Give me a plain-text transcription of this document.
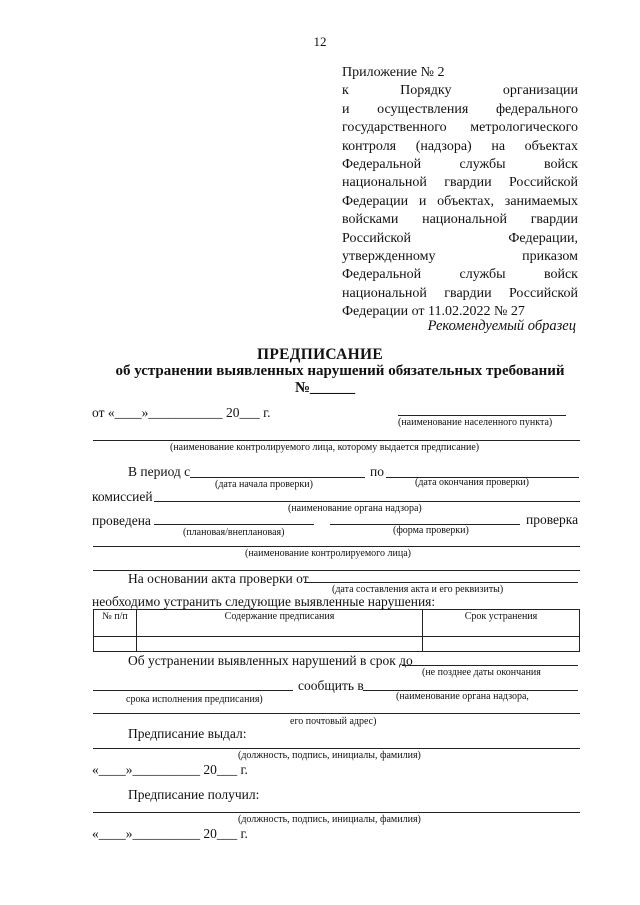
12
Приложение № 2
к Порядку организации
и осуществления федерального
государственного метрологического
контроля (надзора) на объектах
Федеральной службы войск
национальной гвардии Российской
Федерации и объектах, занимаемых
войсками национальной гвардии
Российской Федерации,
утвержденному приказом
Федеральной службы войск
национальной гвардии Российской
Федерации от 11.02.2022 № 27
Рекомендуемый образец
ПРЕДПИСАНИЕ
об устранении выявленных нарушений обязательных требований
№______
от «____»___________ 20___ г.
(наименование населенного пункта)
(наименование контролируемого лица, которому выдается предписание)
В период с	по
(дата начала проверки)	(дата окончания проверки)
комиссией
(наименование органа надзора)
проведена	проверка
(плановая/внеплановая)	(форма проверки)
(наименование контролируемого лица)
На основании акта проверки от
(дата составления акта и его реквизиты)
необходимо устранить следующие выявленные нарушения:
№ п/п	Содержание предписания	Срок устранения

Об устранении выявленных нарушений в срок до
(не позднее даты окончания
сообщить в
срока исполнения предписания)	(наименование органа надзора,
его почтовый адрес)
Предписание выдал:
(должность, подпись, инициалы, фамилия)
«____»__________ 20___ г.
Предписание получил:
(должность, подпись, инициалы, фамилия)
«____»__________ 20___ г.
